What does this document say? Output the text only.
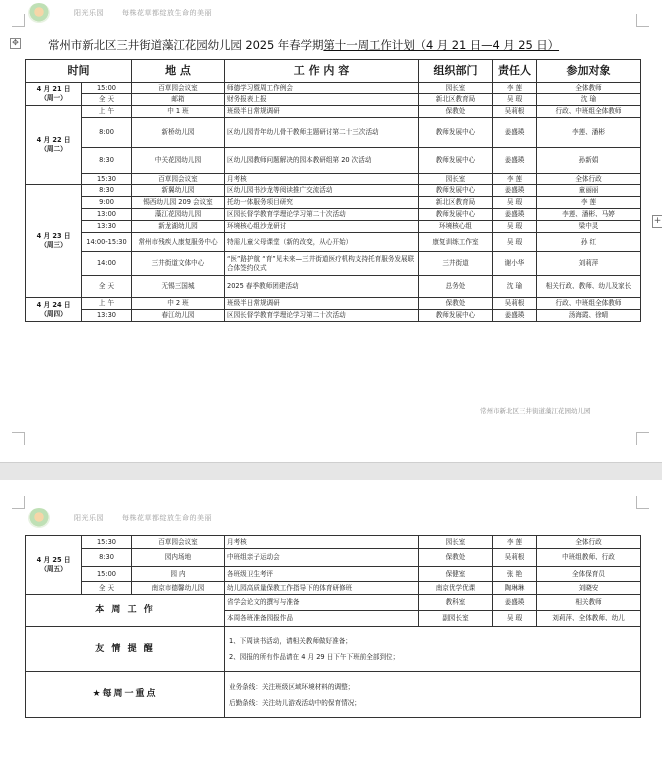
阳光乐园	每株花草都绽放生命的美丽
✥	常州市新北区三井街道藻江花园幼儿园 2025 年春学期第十一周工作计划（4 月 21 日—4 月 25 日）
时间		地 点	工 作 内 容	组织部门	责任人	参加对象

4 月 21 日
（周一）	15:00	百草园会议室	师德学习暨周工作例会	园长室	李 莲	全体教师
	全 天	邮箱	财务报表上报	新北区教育局	吴 瑕	沈 瑜

4 月 22 日
（周二）	上 午	中 1 班	班级半日常规调研	保教处	吴莉根	行政、中班组全体教师
	8:00	新桥幼儿园	区幼儿园青年幼儿骨干教师主题研讨第二十三次活动	教师发展中心	姜盛瑛	李莲、潘彬
	8:30	中关花园幼儿园	区幼儿园教师问题解决的园本教研组第 20 次活动	教师发展中心	姜盛瑛	孙新娟
	15:30	百草园会议室	月考核	园长室	李 莲	全体行政

4 月 23 日
（周三）	8:30	新翼幼儿园	区幼儿园书沙龙等阅读推广交流活动	教师发展中心	姜盛瑛	童丽丽
	9:00	锡西幼儿园 209 会议室	托幼一体服务项目研究	新北区教育局	吴 瑕	李 莲
	13:00	藻江花园幼儿园	区园长督学教育学理论学习第二十次活动	教师发展中心	姜盛瑛	李莲、潘彬、马婷
	13:30	新龙湖幼儿园	环境核心组沙龙研讨	环境核心组	吴 瑕	梁中灵
	14:00-15:30	常州市残疾人康复服务中心	特需儿童父母课堂（新的改变，从心开始）	康复训练工作室	吴 瑕	孙 红
	14:00	三井街道文体中心	“医”路护航 “育”见未来—三井街道医疗机构支持托育服务发展联合体签约仪式	三井街道	谢小华	刘莉萍
	全 天	无锡三国城	2025 春季教师团建活动	总务处	沈 瑜	相关行政、教师、幼儿及家长

4 月 24 日
（周四）	上 午	中 2 班	班级半日常规调研	保教处	吴莉根	行政、中班组全体教师
	13:30	春江幼儿园	区园长督学教育学理论学习第二十次活动	教师发展中心	姜盛瑛	汤海霞、徐晴
常州市新北区三井街道藻江花园幼儿园
+
阳光乐园	每株花草都绽放生命的美丽
4 月 25 日
（周五）	15:30	百草园会议室	月考核	园长室	李 莲	全体行政
	8:30	园内场地	中班组亲子运动会	保教处	吴莉根	中班组教师、行政
	15:00	园 内	各班级卫生考评	保健室	张 艳	全体保育员
	全 天	南京市德馨幼儿园	幼儿园高质量保教工作指导下的体育研修班	南京优学优课	陶琳琳	刘晓安
本 周 工 作			省学会论文的撰写与准备	教科室	姜盛瑛	相关教师
			本周各班准备园报作品	副园长室	吴 瑕	刘莉萍、全体教师、幼儿
友 情 提 醒			1、下周读书活动，请相关教师做好准备；
2、园报的所有作品请在 4 月 29 日下午下班前全部到位；			

★每周一重点			业务条线：关注班级区域环境材料的调整；
后勤条线：关注幼儿游戏活动中的保育情况；			
